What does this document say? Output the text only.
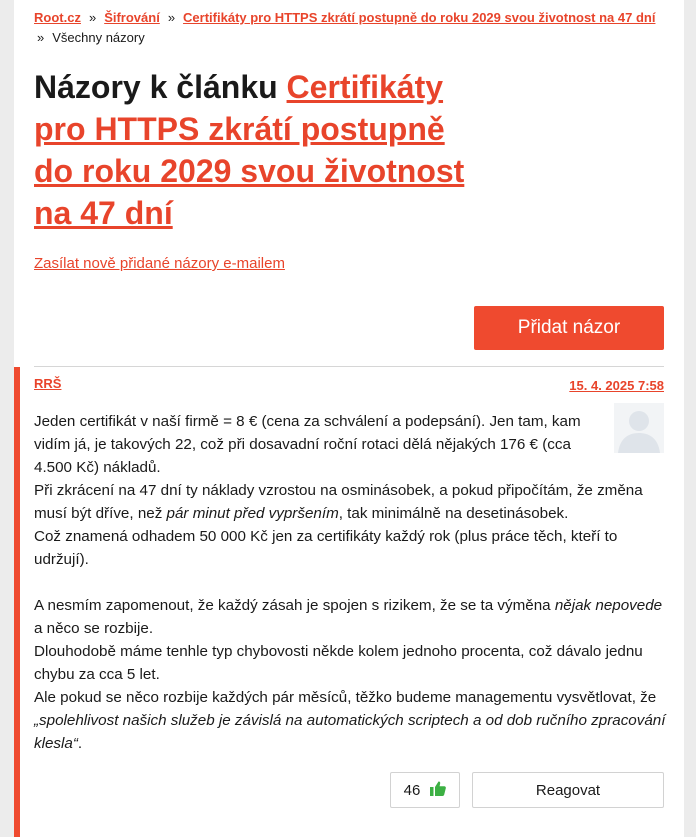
Root.cz » Šifrování » Certifikáty pro HTTPS zkrátí postupně do roku 2029 svou životnost na 47 dní
» Všechny názory
Názory k článku Certifikáty pro HTTPS zkrátí postupně do roku 2029 svou životnost na 47 dní
Zasílat nově přidané názory e-mailem
Přidat názor
RRŠ	15. 4. 2025 7:58

Jeden certifikát v naší firmě = 8 € (cena za schválení a podepsání). Jen tam, kam vidím já, je takových 22, což při dosavadní roční rotaci dělá nějakých 176 € (cca 4.500 Kč) nákladů.

Při zkrácení na 47 dní ty náklady vzrostou na osminásobek, a pokud připočítám, že změna musí být dříve, než pár minut před vypršením, tak minimálně na desetinásobek.

Což znamená odhadem 50 000 Kč jen za certifikáty každý rok (plus práce těch, kteří to udržují).

A nesmím zapomenout, že každý zásah je spojen s rizikem, že se ta výměna nějak nepovede a něco se rozbije.

Dlouhodobě máme tenhle typ chybovosti někde kolem jednoho procenta, což dávalo jednu chybu za cca 5 let.

Ale pokud se něco rozbije každých pár měsíců, těžko budeme managementu vysvětlovat, že „spolehlivost našich služeb je závislá na automatických scriptech a od dob ručního zpracování klesla“.

46	Reagovat
